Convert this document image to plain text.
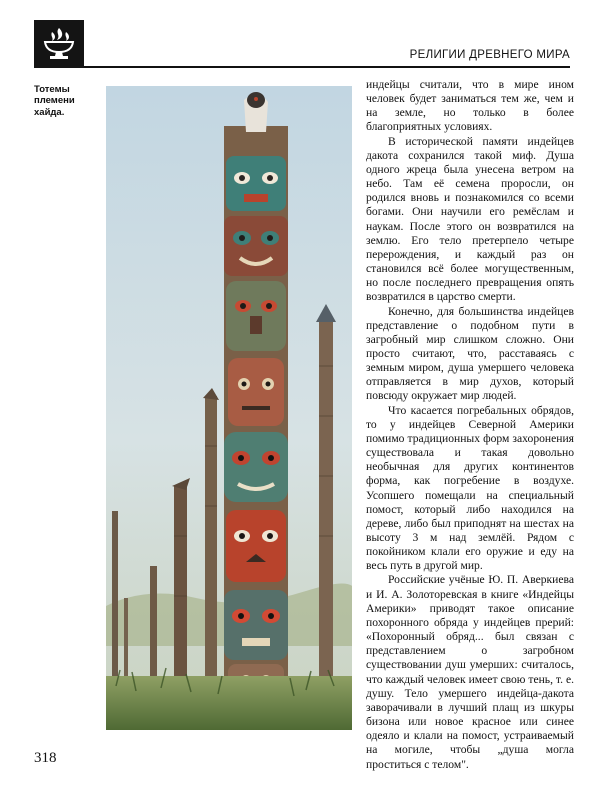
РЕЛИГИИ ДРЕВНЕГО МИРА
Тотемы
племени
хайда.

индейцы считали, что в мире ином человек будет заниматься тем же, чем и на земле, но только в более благоприятных условиях.

В исторической памяти индейцев дакота сохранился такой миф. Душа одного жреца была унесена ветром на небо. Там её семена проросли, он родился вновь и познакомился со всеми богами. Они научили его ремёслам и наукам. После этого он возвратился на землю. Его тело претерпело четыре перерождения, и каждый раз он становился всё более могущественным, но после последнего превращения опять возвратился в царство смерти.

Конечно, для большинства индейцев представление о подобном пути в загробный мир слишком сложно. Они просто считают, что, расставаясь с земным миром, душа умершего человека отправляется в мир духов, который повсюду окружает мир людей.

Что касается погребальных обрядов, то у индейцев Северной Америки помимо традиционных форм захоронения существовала и такая довольно необычная для других континентов форма, как погребение в воздухе. Усопшего помещали на специальный помост, который либо находился на дереве, либо был приподнят на шестах на высоту 3 м над землёй. Рядом с покойником клали его оружие и еду на весь путь в другой мир.

Российские учёные Ю. П. Аверкиева и И. А. Золоторевская в книге «Индейцы Америки» приводят такое описание похоронного обряда у индейцев прерий: «Похоронный обряд... был связан с представлением о загробном существовании душ умерших: считалось, что каждый человек имеет свою тень, т. е. душу. Тело умершего индейца-дакота заворачивали в лучший плащ из шкуры бизона или новое красное или синее одеяло и клали на помост, устраиваемый на могиле, чтобы „душа могла проститься с телом".

318
